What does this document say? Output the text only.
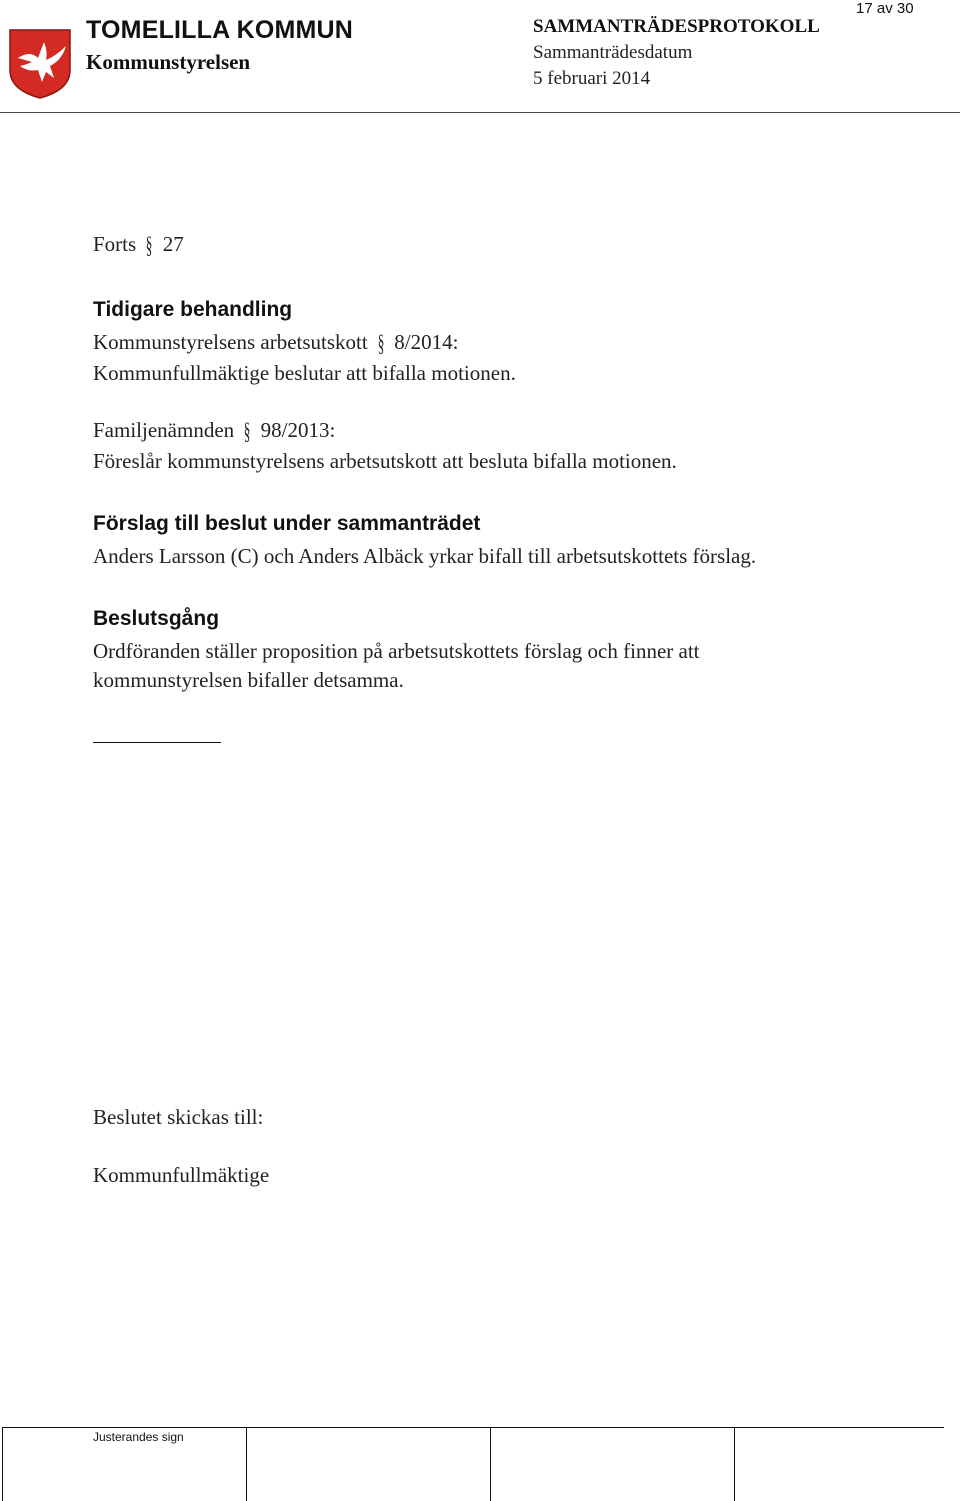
TOMELILLA KOMMUN
Kommunstyrelsen
SAMMANTRÄDESPROTOKOLL
Sammanträdesdatum
5 februari 2014
17 av 30

Forts § 27

Tidigare behandling

Kommunstyrelsens arbetsutskott § 8/2014:

Kommunfullmäktige beslutar att bifalla motionen.

Familjenämnden § 98/2013:

Föreslår kommunstyrelsens arbetsutskott att besluta bifalla motionen.

Förslag till beslut under sammanträdet

Anders Larsson (C) och Anders Albäck yrkar bifall till arbetsutskottets förslag.

Beslutsgång

Ordföranden ställer proposition på arbetsutskottets förslag och finner att kommunstyrelsen bifaller detsamma.

Beslutet skickas till:
Kommunfullmäktige
Justerandes sign
